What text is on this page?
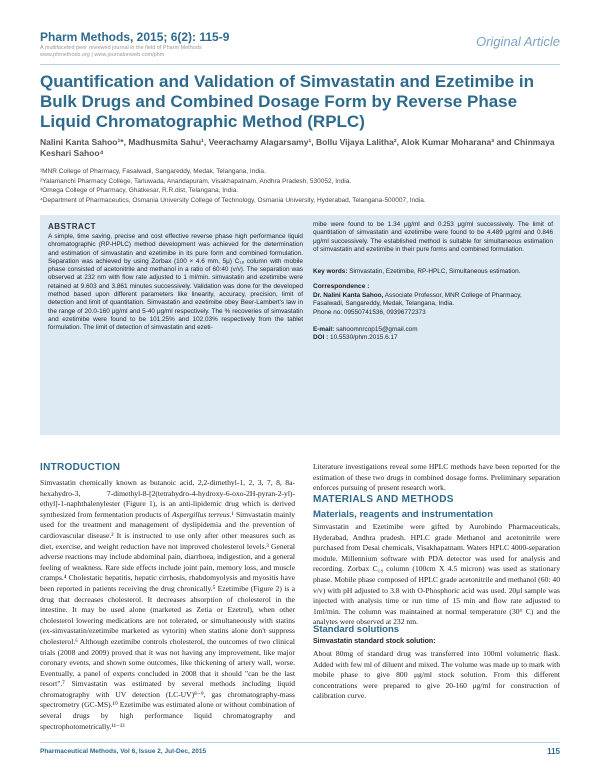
Pharm Methods, 2015; 6(2): 115-9
A multifaceted peer reviewed journal in the field of Pharm Methods
www.phmethods.org | www.journalonweb.com/phm
Original Article
Quantification and Validation of Simvastatin and Ezetimibe in Bulk Drugs and Combined Dosage Form by Reverse Phase Liquid Chromatographic Method (RPLC)
Nalini Kanta Sahoo¹*, Madhusmita Sahu¹, Veerachamy Alagarsamy¹, Bollu Vijaya Lalitha², Alok Kumar Moharana³ and Chinmaya Keshari Sahoo⁴
¹MNR College of Pharmacy, Fasalwadi, Sangareddy, Medak, Telangana, India.
²Yalamanchi Pharmacy College, Tarluwada, Anandapuram, Visakhapatnam, Andhra Pradesh, 530052, India.
³Omega College of Pharmacy, Ghatkesar, R.R.dist, Telangana, India.
⁴Department of Pharmaceutics, Osmania University College of Technology, Osmania University, Hyderabad, Telangana-500007, India.
ABSTRACT
A simple, time saving, precise and cost effective reverse phase high performance liquid chromatographic (RP-HPLC) method development was achieved for the determination and estimation of simvastatin and ezetimibe in its pure form and combined formulation. Separation was achieved by using Zorbax (100 × 4.6 mm, 5μ) C₁₈ column with mobile phase consisted of acetonitrile and methanol in a ratio of 60:40 (v/v). The separation was observed at 232 nm with flow rate adjusted to 1 ml/min. simvastatin and ezetimibe were retained at 9.603 and 3.861 minutes successively. Validation was done for the developed method based upon different parameters like linearity, accuracy, precision, limit of detection and limit of quantitation. Simvastatin and ezetimibe obey Beer-Lambert's law in the range of 20.0-160 μg/ml and 5-40 μg/ml respectively. The % recoveries of simvastatin and ezetimibe were found to be 101.25% and 102.03% respectively from the tablet formulation. The limit of detection of simvastatin and ezeti-
mibe were found to be 1.34 μg/ml and 0.253 μg/ml successively. The limit of quantitation of simvastatin and ezetimibe were found to be 4.489 μg/ml and 0.846 μg/ml successively. The established method is suitable for simultaneous estimation of simvastatin and ezetimibe in their pure forms and combined formulation.
Key words: Simvastatin, Ezetimibe, RP-HPLC, Simultaneous estimation.
Correspondence :
Dr. Nalini Kanta Sahoo, Associate Professor, MNR College of Pharmacy, Fasalwadi, Sangareddy, Medak, Telangana, India.
Phone no: 09550741536, 09396772373
E-mail: sahoomnrcop15@gmail.com
DOI : 10.5530/phm.2015.6.17
INTRODUCTION
Simvastatin chemically known as butanoic acid, 2,2-dimethyl-1, 2, 3, 7, 8, 8a-hexahydro-3, 7-dimethyl-8-[2(tetrahydro-4-hydroxy-6-oxo-2H-pyran-2-yl)-ethyl]-1-naphthalenylester (Figure 1), is an anti-lipidemic drug which is derived synthesized from fermentation products of Aspergillus terreus.¹ Simvastatin mainly used for the treatment and management of dyslipidemia and the prevention of cardiovascular disease.² It is instructed to use only after other measures such as diet, exercise, and weight reduction have not improved cholesterol levels.³ General adverse reactions may include abdominal pain, diarrhoea, indigestion, and a general feeling of weakness. Rare side effects include joint pain, memory loss, and muscle cramps.⁴ Cholestatic hepatitis, hepatic cirrhosis, rhabdomyolysis and myositis have been reported in patients receiving the drug chronically.⁵ Ezetimibe (Figure 2) is a drug that decreases cholesterol. It decreases absorption of cholesterol in the intestine. It may be used alone (marketed as Zetia or Ezetrol), when other cholesterol lowering medications are not tolerated, or simultaneously with statins (ex-simvastatin/ezetimibe marketed as vytorin) when statins alone don't suppress cholesterol.⁶ Although ezetimibe controls cholesterol, the outcomes of two clinical trials (2008 and 2009) proved that it was not having any improvement, like major coronary events, and shown some outcomes, like thickening of artery wall, worse. Eventually, a panel of experts concluded in 2008 that it should "can be the last resort".⁷ Simvastatin was estimated by several methods including liquid chromatography with UV detection (LC-UV)⁸⁻⁹, gas chromatography-mass spectrometry (GC-MS).¹⁰ Ezetimibe was estimated alone or without combination of several drugs by high performance liquid chromatography and spectrophotometrically.¹¹⁻¹³
Literature investigations reveal some HPLC methods have been reported for the estimation of these two drugs in combined dosage forms. Preliminary separation enforces pursuing of present research work.
MATERIALS AND METHODS
Materials, reagents and instrumentation
Simvastatin and Ezetimibe were gifted by Aurobindo Pharmaceuticals, Hyderabad, Andhra pradesh. HPLC grade Methanol and acetonitrile were purchased from Desai chemicals, Visakhapatnam. Waters HPLC 4000-separation module. Millennium software with PDA detector was used for analysis and recording. Zorbax C₁₈ column (100cm X 4.5 micron) was used as stationary phase. Mobile phase composed of HPLC grade acetonitrile and methanol (60: 40 v/v) with pH adjusted to 3.8 with O-Phosphoric acid was used. 20μl sample was injected with analysis time or run time of 15 min and flow rate adjusted to 1ml/min. The column was maintained at normal temperature (30° C) and the analytes were observed at 232 nm.
Standard solutions
Simvastatin standard stock solution:
About 80mg of standard drug was transferred into 100ml volumetric flask. Added with few ml of diluent and mixed. The volume was made up to mark with mobile phase to give 800 μg/ml stock solution. From this different concentrations were prepared to give 20-160 μg/ml for construction of calibration curve.
Pharmaceutical Methods, Vol 6, Issue 2, Jul-Dec, 2015	115
